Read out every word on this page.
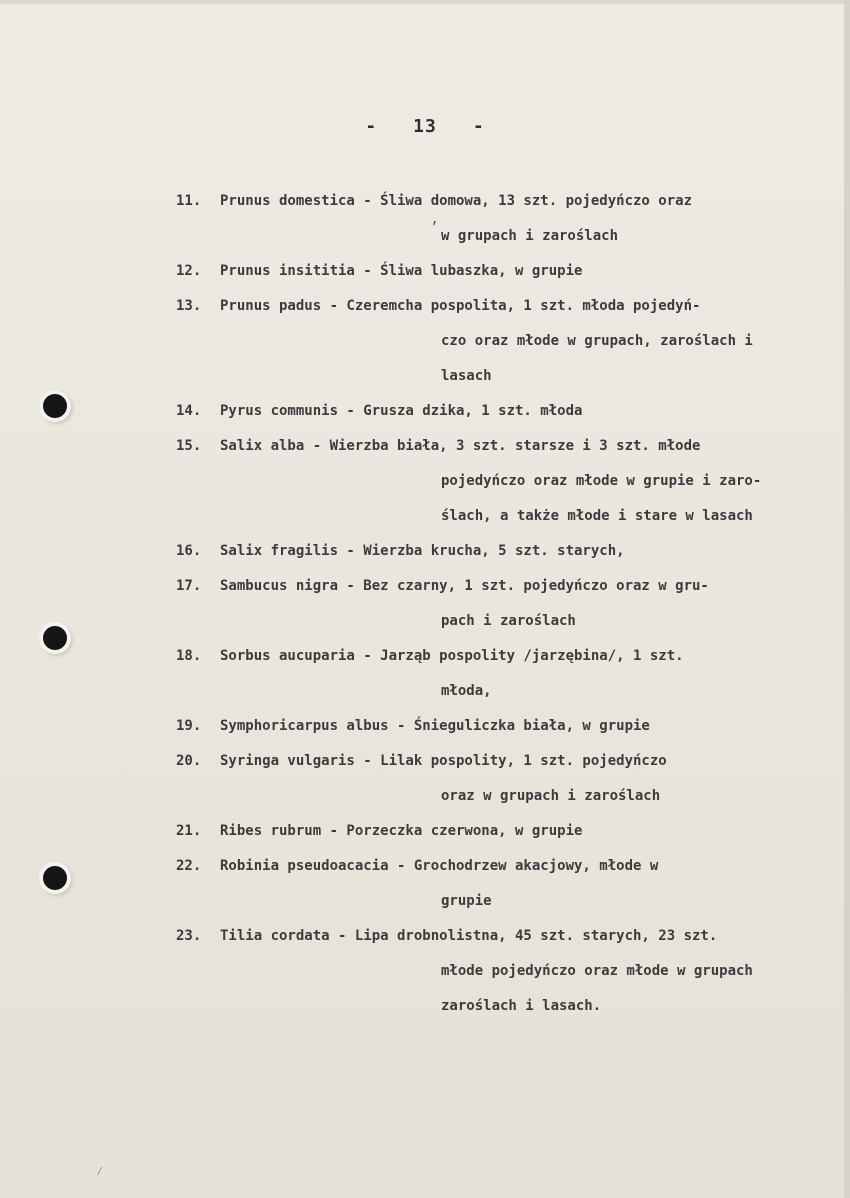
- 13 -
’
11. Prunus domestica - Śliwa domowa, 13 szt. pojedyńczo oraz
w grupach i zaroślach
12. Prunus insititia - Śliwa lubaszka, w grupie
13. Prunus padus - Czeremcha pospolita, 1 szt. młoda pojedyń-
czo oraz młode w grupach, zaroślach i
lasach
14. Pyrus communis - Grusza dzika, 1 szt. młoda
15. Salix alba - Wierzba biała, 3 szt. starsze i 3 szt. młode
pojedyńczo oraz młode w grupie i zaro-
ślach, a także młode i stare w lasach
16. Salix fragilis - Wierzba krucha, 5 szt. starych,
17. Sambucus nigra - Bez czarny, 1 szt. pojedyńczo oraz w gru-
pach i zaroślach
18. Sorbus aucuparia - Jarząb pospolity /jarzębina/, 1 szt.
młoda,
19. Symphoricarpus albus - Śnieguliczka biała, w grupie
20. Syringa vulgaris - Lilak pospolity, 1 szt. pojedyńczo
oraz w grupach i zaroślach
21. Ribes rubrum - Porzeczka czerwona, w grupie
22. Robinia pseudoacacia - Grochodrzew akacjowy, młode w
grupie
23. Tilia cordata - Lipa drobnolistna, 45 szt. starych, 23 szt.
młode pojedyńczo oraz młode w grupach
zaroślach i lasach.
⁄
